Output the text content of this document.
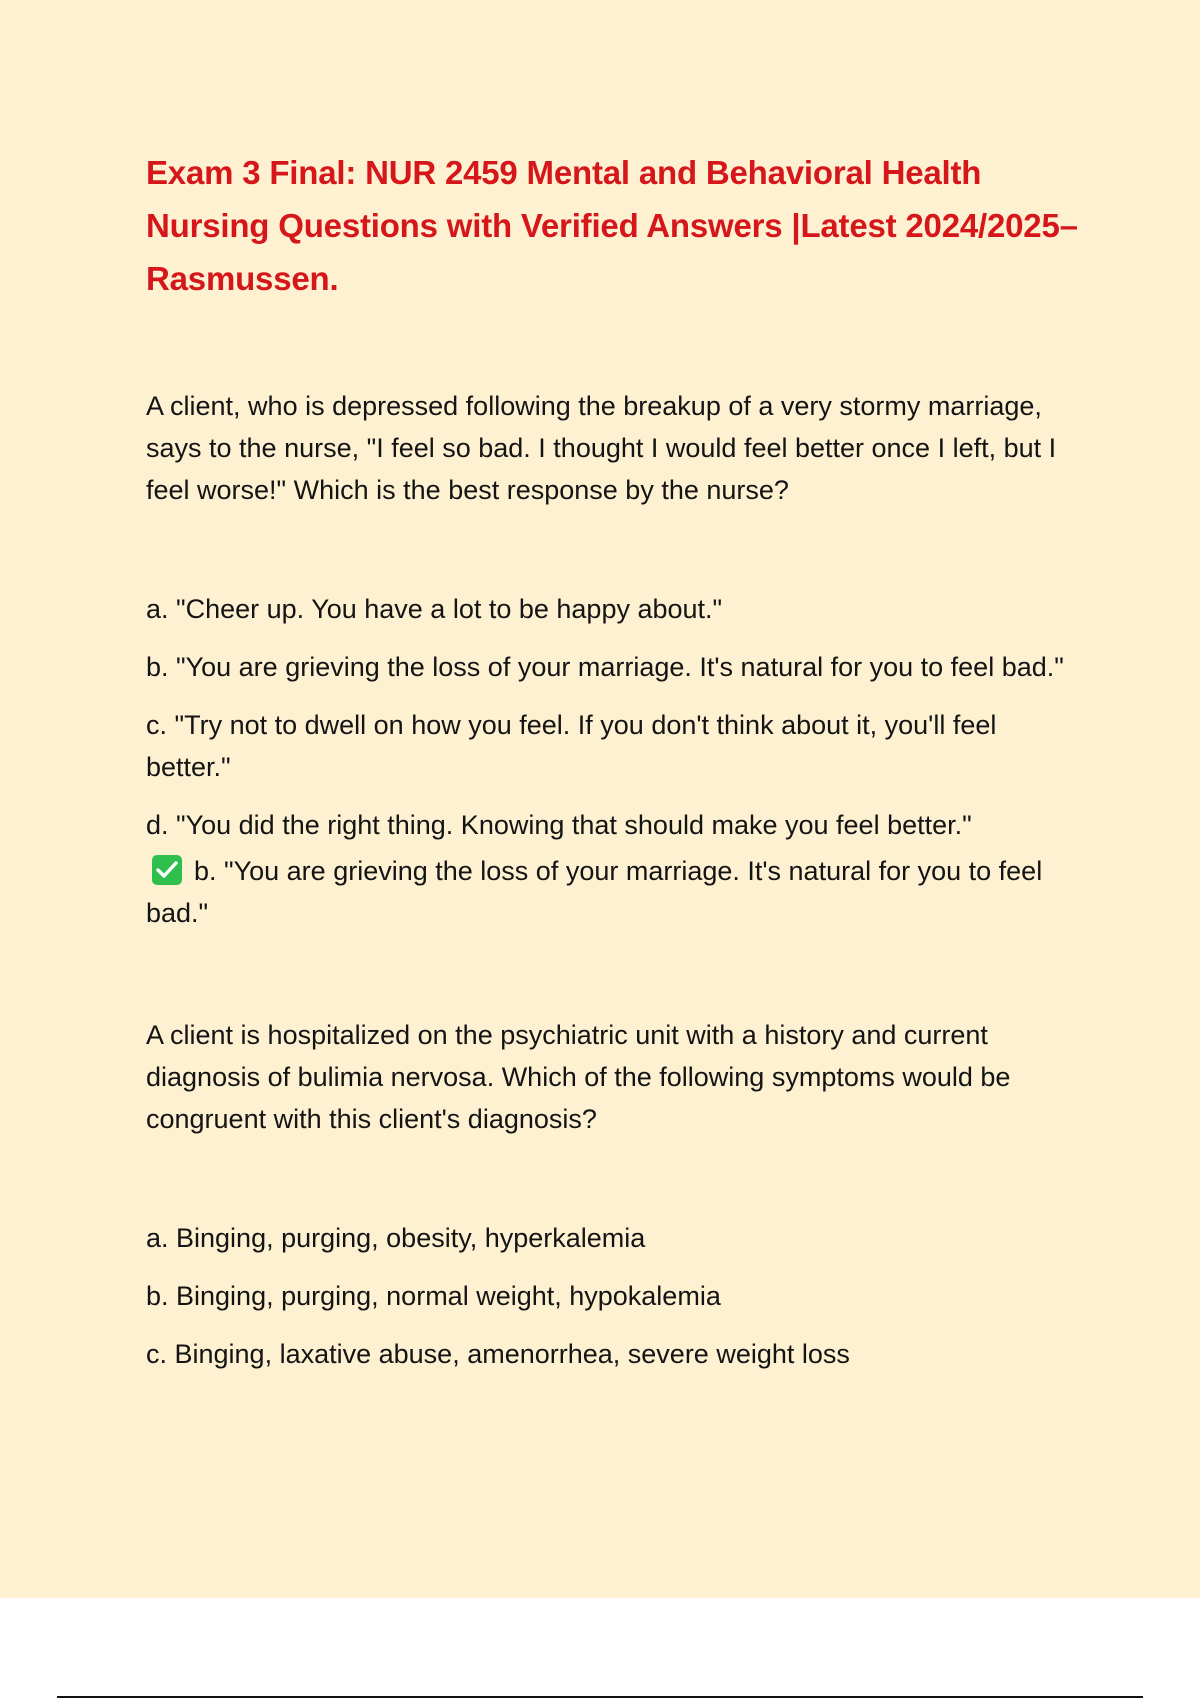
Exam 3 Final: NUR 2459 Mental and Behavioral Health Nursing Questions with Verified Answers |Latest 2024/2025– Rasmussen.

A client, who is depressed following the breakup of a very stormy marriage, says to the nurse, "I feel so bad. I thought I would feel better once I left, but I feel worse!" Which is the best response by the nurse?

a. "Cheer up. You have a lot to be happy about."

b. "You are grieving the loss of your marriage. It's natural for you to feel bad."

c. "Try not to dwell on how you feel. If you don't think about it, you'll feel better."

d. "You did the right thing. Knowing that should make you feel better."

b. "You are grieving the loss of your marriage. It's natural for you to feel bad."

A client is hospitalized on the psychiatric unit with a history and current diagnosis of bulimia nervosa. Which of the following symptoms would be congruent with this client's diagnosis?

a. Binging, purging, obesity, hyperkalemia

b. Binging, purging, normal weight, hypokalemia

c. Binging, laxative abuse, amenorrhea, severe weight loss
